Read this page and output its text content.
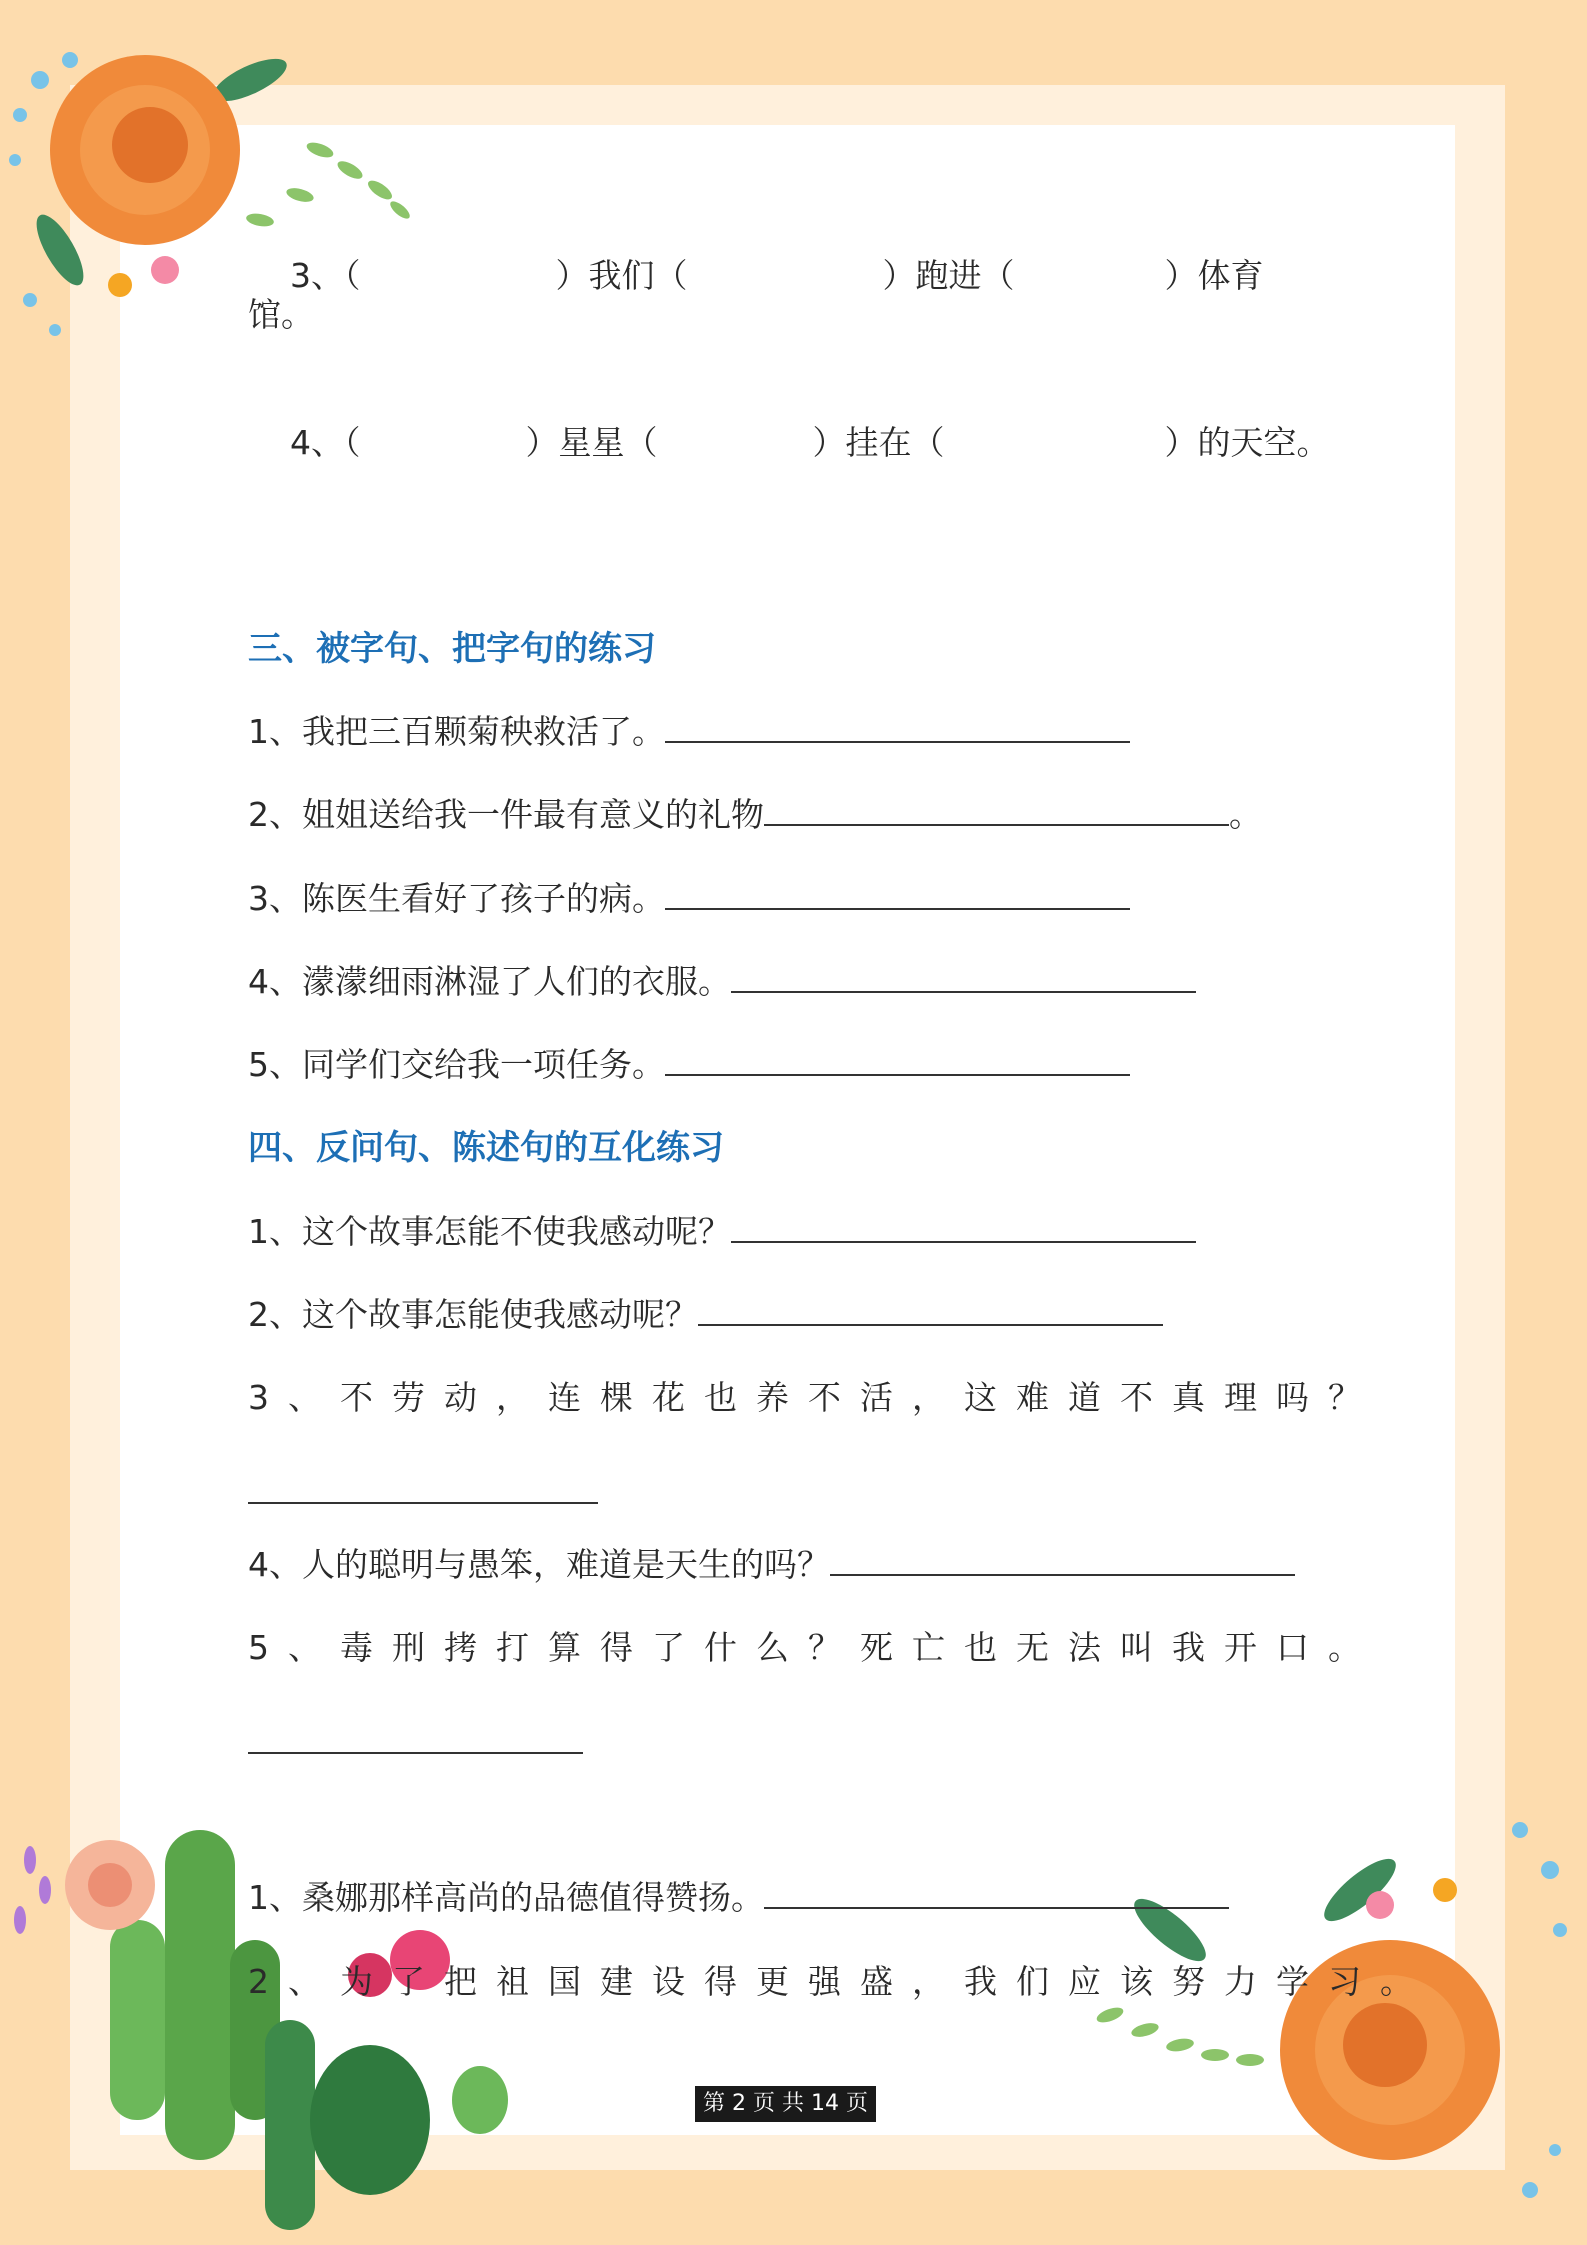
3、（	）我们（	）跑进（	）体育

馆。

4、（	）星星（	）挂在（	）的天空。

三、被字句、把字句的练习
1、我把三百颗菊秧救活了。
2、姐姐送给我一件最有意义的礼物	。
3、陈医生看好了孩子的病。
4、濛濛细雨淋湿了人们的衣服。
5、同学们交给我一项任务。
四、反问句、陈述句的互化练习
1、这个故事怎能不使我感动呢？
2、这个故事怎能使我感动呢？
3、不劳动，连棵花也养不活，这难道不真理吗？
4、人的聪明与愚笨，难道是天生的吗？
5、毒刑拷打算得了什么？死亡也无法叫我开口。
1、桑娜那样高尚的品德值得赞扬。
2、为了把祖国建设得更强盛，我们应该努力学习。
第 2 页 共 14 页
